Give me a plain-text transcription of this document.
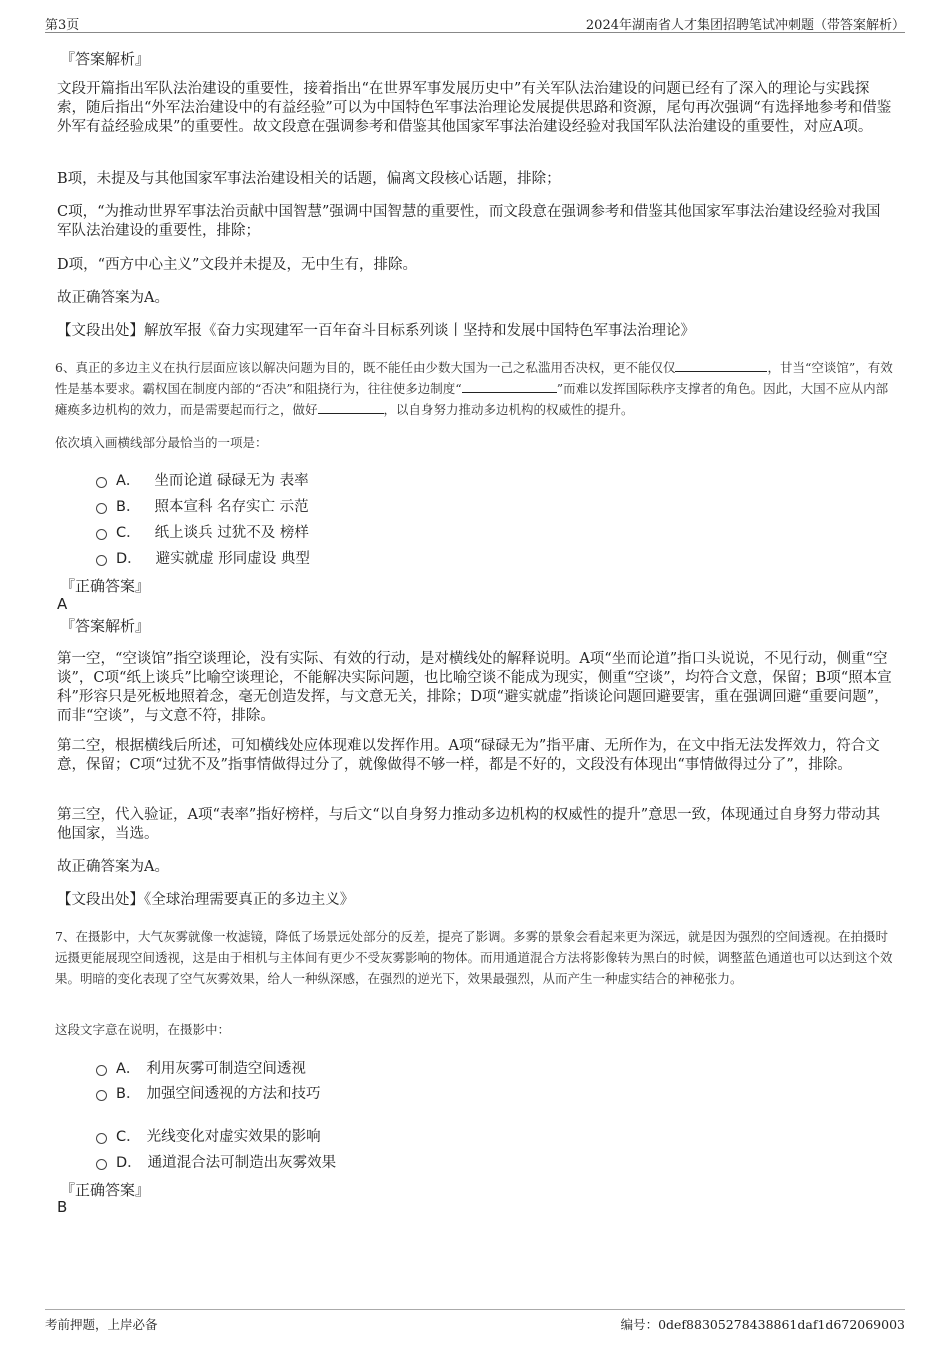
第3页	2024年湖南省人才集团招聘笔试冲刺题（带答案解析）
『答案解析』
文段开篇指出军队法治建设的重要性，接着指出“在世界军事发展历史中”有关军队法治建设的问题已经有了深入的理论与实践探索，随后指出“外军法治建设中的有益经验”可以为中国特色军事法治理论发展提供思路和资源，尾句再次强调“有选择地参考和借鉴外军有益经验成果”的重要性。故文段意在强调参考和借鉴其他国家军事法治建设经验对我国军队法治建设的重要性，对应A项。
B项，未提及与其他国家军事法治建设相关的话题，偏离文段核心话题，排除；
C项，“为推动世界军事法治贡献中国智慧”强调中国智慧的重要性，而文段意在强调参考和借鉴其他国家军事法治建设经验对我国军队法治建设的重要性，排除；
D项，“西方中心主义”文段并未提及，无中生有，排除。
故正确答案为A。
【文段出处】解放军报《奋力实现建军一百年奋斗目标系列谈丨坚持和发展中国特色军事法治理论》
6、真正的多边主义在执行层面应该以解决问题为目的，既不能任由少数大国为一己之私滥用否决权，更不能仅仅	，甘当“空谈馆”，有效性是基本要求。霸权国在制度内部的“否决”和阻挠行为，往往使多边制度“	”而难以发挥国际秩序支撑者的角色。因此，大国不应从内部瘫痪多边机构的效力，而是需要起而行之，做好	，以自身努力推动多边机构的权威性的提升。
依次填入画横线部分最恰当的一项是：
A． 坐而论道 碌碌无为 表率
B． 照本宣科 名存实亡 示范
C． 纸上谈兵 过犹不及 榜样
D． 避实就虚 形同虚设 典型
『正确答案』
A
『答案解析』
第一空，“空谈馆”指空谈理论，没有实际、有效的行动，是对横线处的解释说明。A项“坐而论道”指口头说说，不见行动，侧重“空谈”，C项“纸上谈兵”比喻空谈理论，不能解决实际问题，也比喻空谈不能成为现实，侧重“空谈”，均符合文意，保留；B项“照本宣科”形容只是死板地照着念，毫无创造发挥，与文意无关，排除；D项“避实就虚”指谈论问题回避要害，重在强调回避“重要问题”，而非“空谈”，与文意不符，排除。
第二空，根据横线后所述，可知横线处应体现难以发挥作用。A项“碌碌无为”指平庸、无所作为，在文中指无法发挥效力，符合文意，保留；C项“过犹不及”指事情做得过分了，就像做得不够一样，都是不好的，文段没有体现出“事情做得过分了”，排除。
第三空，代入验证，A项“表率”指好榜样，与后文“以自身努力推动多边机构的权威性的提升”意思一致，体现通过自身努力带动其他国家，当选。
故正确答案为A。
【文段出处】《全球治理需要真正的多边主义》
7、在摄影中，大气灰雾就像一枚滤镜，降低了场景远处部分的反差，提亮了影调。多雾的景象会看起来更为深远，就是因为强烈的空间透视。在拍摄时远摄更能展现空间透视，这是由于相机与主体间有更少不受灰雾影响的物体。而用通道混合方法将影像转为黑白的时候，调整蓝色通道也可以达到这个效果。明暗的变化表现了空气灰雾效果，给人一种纵深感，在强烈的逆光下，效果最强烈，从而产生一种虚实结合的神秘张力。
这段文字意在说明，在摄影中：
A． 利用灰雾可制造空间透视
B． 加强空间透视的方法和技巧
C． 光线变化对虚实效果的影响
D． 通道混合法可制造出灰雾效果
『正确答案』
B
考前押题，上岸必备	编号：0def88305278438861daf1d672069003
